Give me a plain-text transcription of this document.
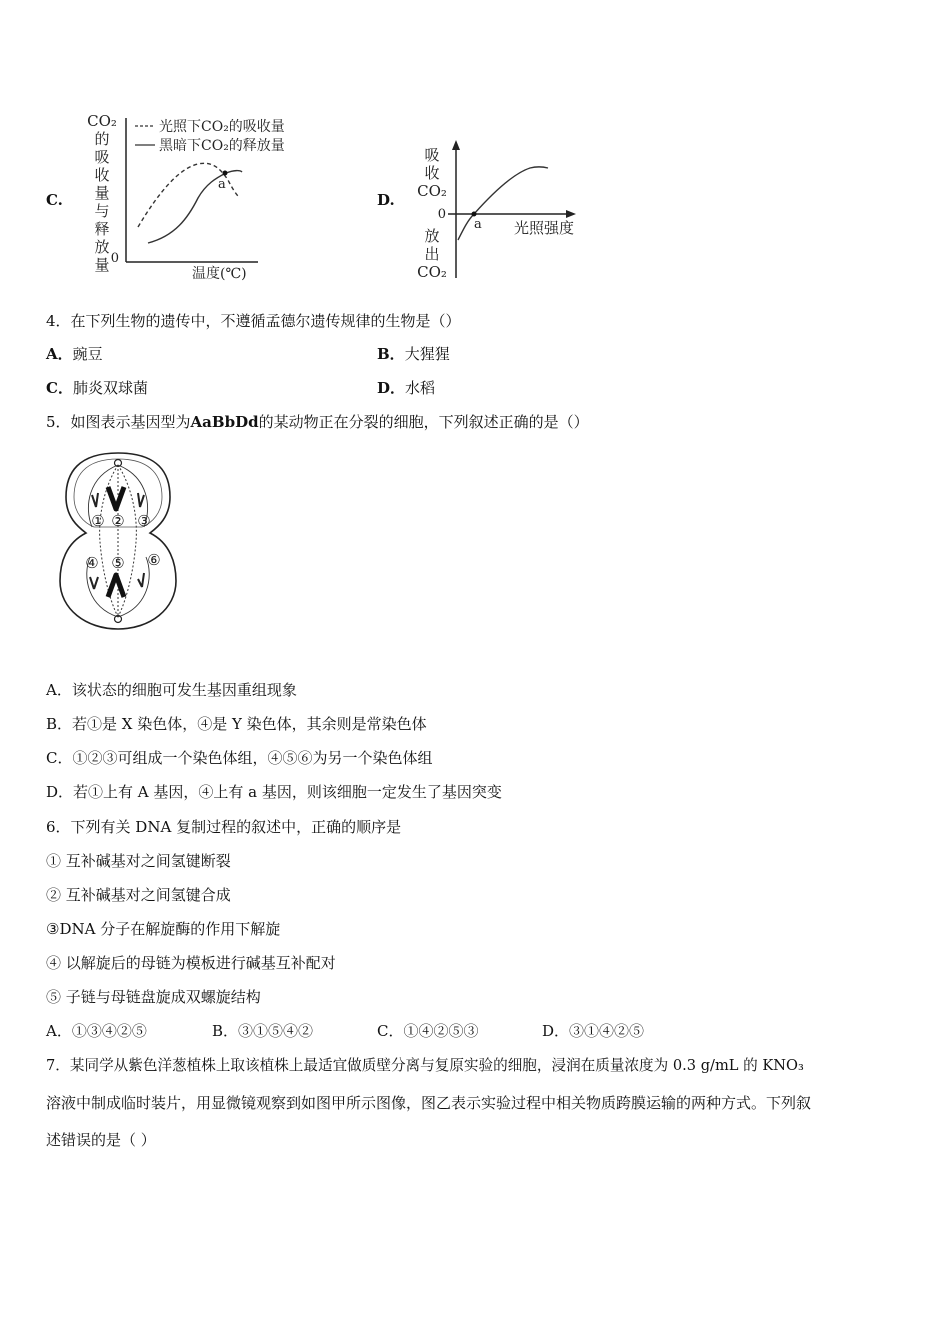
C.
CO₂
的
吸
收
量
与
释
放
量 0
光照下CO₂的吸收量
黑暗下CO₂的释放量
a
温度(℃)
D.
吸
收
CO₂
放
出
CO₂
0
a 光照强度
4．在下列生物的遗传中，不遵循孟德尔遗传规律的生物是（）
A．豌豆	B．大猩猩
C．肺炎双球菌	D．水稻
5．如图表示基因型为AaBbDd的某动物正在分裂的细胞，下列叙述正确的是（）
① ② ③
④ ⑤ ⑥
A．该状态的细胞可发生基因重组现象
B．若①是 X 染色体，④是 Y 染色体，其余则是常染色体
C．①②③可组成一个染色体组，④⑤⑥为另一个染色体组
D．若①上有 A 基因，④上有 a 基因，则该细胞一定发生了基因突变
6．下列有关 DNA 复制过程的叙述中，正确的顺序是
① 互补碱基对之间氢键断裂
② 互补碱基对之间氢键合成
③DNA 分子在解旋酶的作用下解旋
④ 以解旋后的母链为模板进行碱基互补配对
⑤ 子链与母链盘旋成双螺旋结构
A．①③④②⑤	B．③①⑤④②	C．①④②⑤③	D．③①④②⑤
7．某同学从紫色洋葱植株上取该植株上最适宜做质壁分离与复原实验的细胞，浸润在质量浓度为 0.3 g/mL 的 KNO₃
溶液中制成临时装片，用显微镜观察到如图甲所示图像，图乙表示实验过程中相关物质跨膜运输的两种方式。下列叙
述错误的是（ ）
